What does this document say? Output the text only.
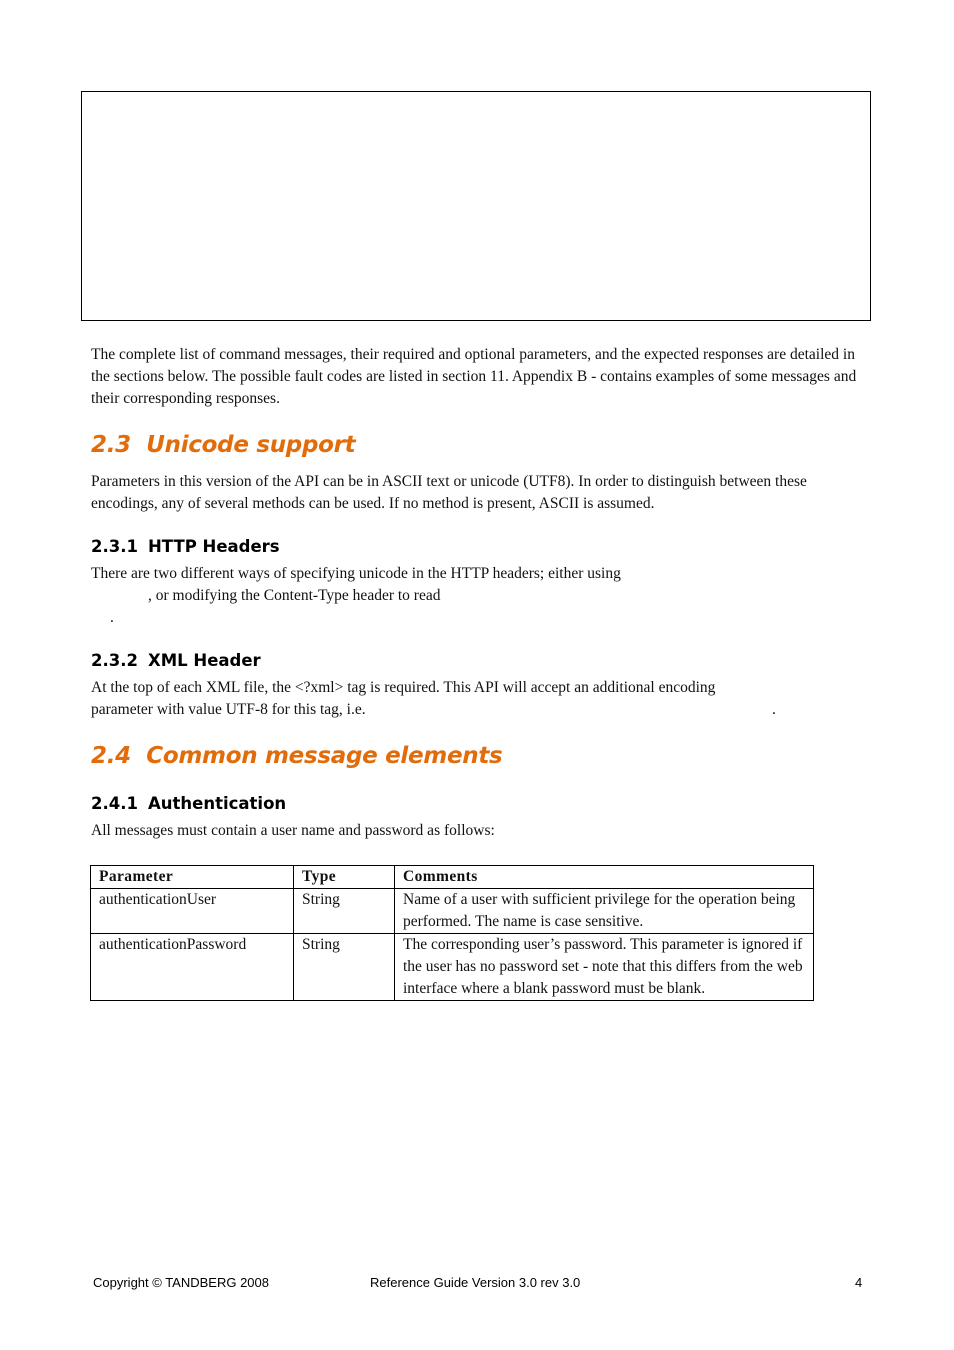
The complete list of command messages, their required and optional parameters, and the expected responses are detailed in the sections below. The possible fault codes are listed in section 11. Appendix B - contains examples of some messages and their corresponding responses.

2.3 Unicode support

Parameters in this version of the API can be in ASCII text or unicode (UTF8). In order to distinguish between these encodings, any of several methods can be used. If no method is present, ASCII is assumed.

2.3.1 HTTP Headers
There are two different ways of specifying unicode in the HTTP headers; either using
, or modifying the Content-Type header to read
.
2.3.2 XML Header
At the top of each XML file, the <?xml> tag is required. This API will accept an additional encoding
parameter with value UTF-8 for this tag, i.e.	.
2.4 Common message elements
2.4.1 Authentication

All messages must contain a user name and password as follows:

Parameter	Type	Comments
authenticationUser	String	Name of a user with sufficient privilege for the operation being performed. The name is case sensitive.
authenticationPassword	String	The corresponding user’s password. This parameter is ignored if the user has no password set - note that this differs from the web interface where a blank password must be blank.
Copyright © TANDBERG 2008	Reference Guide Version 3.0 rev 3.0	4
